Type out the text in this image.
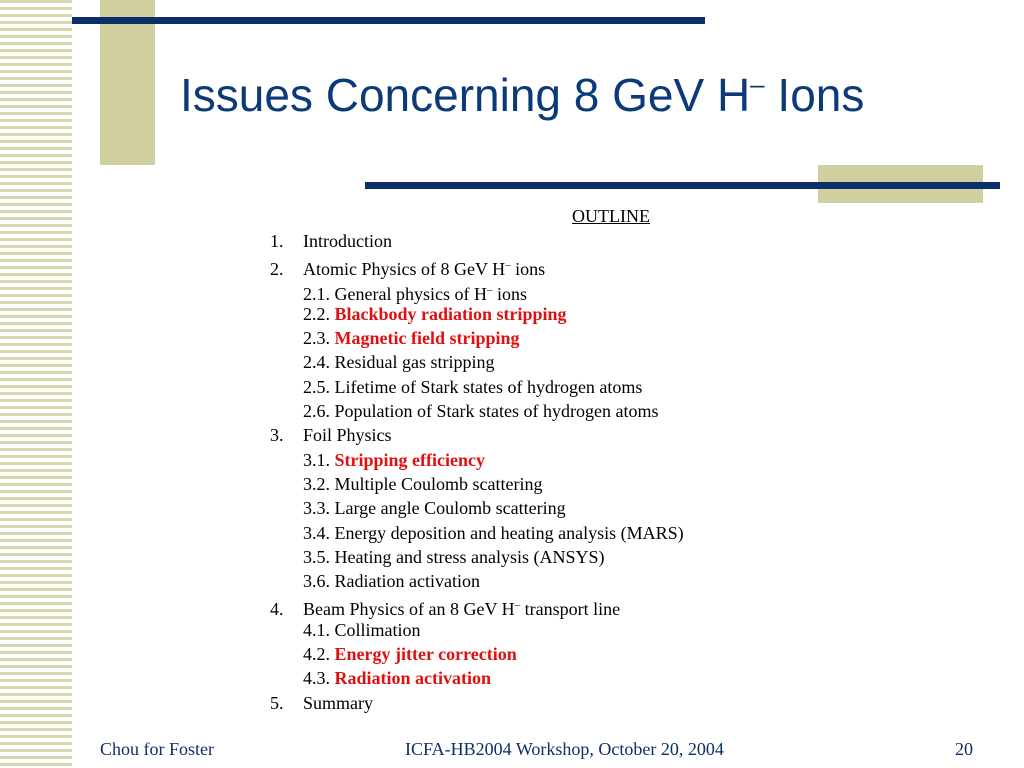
Issues Concerning 8 GeV H– Ions
OUTLINE
1. Introduction
2. Atomic Physics of 8 GeV H– ions
2.1. General physics of H– ions
2.2. Blackbody radiation stripping
2.3. Magnetic field stripping
2.4. Residual gas stripping
2.5. Lifetime of Stark states of hydrogen atoms
2.6. Population of Stark states of hydrogen atoms
3. Foil Physics
3.1. Stripping efficiency
3.2. Multiple Coulomb scattering
3.3. Large angle Coulomb scattering
3.4. Energy deposition and heating analysis (MARS)
3.5. Heating and stress analysis (ANSYS)
3.6. Radiation activation
4. Beam Physics of an 8 GeV H– transport line
4.1. Collimation
4.2. Energy jitter correction
4.3. Radiation activation
5. Summary
Chou for Foster	ICFA-HB2004 Workshop, October 20, 2004	20
